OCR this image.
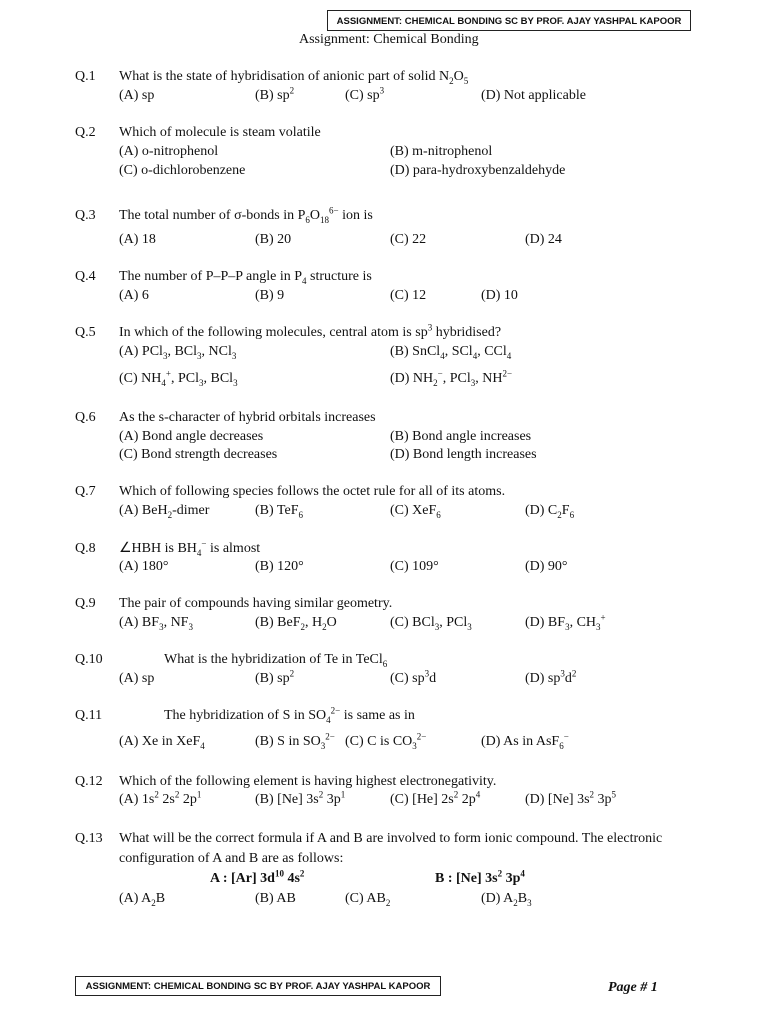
ASSIGNMENT: CHEMICAL BONDING SC BY PROF. AJAY YASHPAL KAPOOR
Assignment: Chemical Bonding
Q.1 What is the state of hybridisation of anionic part of solid $N_2O_5$
(A) sp	(B) $sp^2$	(C) $sp^3$	(D) Not applicable
Q.2 Which of molecule is steam volatile
(A) o-nitrophenol	(B) m-nitrophenol
(C) o-dichlorobenzene	(D) para-hydroxybenzaldehyde
Q.3 The total number of σ-bonds in $P_6O_{18}^{6-}$ ion is
(A) 18	(B) 20	(C) 22	(D) 24
Q.4 The number of P–P–P angle in $P_4$ structure is
(A) 6	(B) 9	(C) 12	(D) 10
Q.5 In which of the following molecules, central atom is $sp^3$ hybridised?
(A) PCl$_3$, BCl$_3$, NCl$_3$	(B) SnCl$_4$, SCl$_4$, CCl$_4$
(C) $NH_4^+$, PCl$_3$, BCl$_3$	(D) $NH_2^-$, PCl$_3$, $NH^{2-}$
Q.6 As the s-character of hybrid orbitals increases
(A) Bond angle decreases	(B) Bond angle increases
(C) Bond strength decreases	(D) Bond length increases
Q.7 Which of following species follows the octet rule for all of its atoms.
(A) BeH$_2$-dimer	(B) TeF$_6$	(C) XeF$_6$	(D) $C_2F_6$
Q.8 ∠HBH is $BH_4^-$ is almost
(A) 180°	(B) 120°	(C) 109°	(D) 90°
Q.9 The pair of compounds having similar geometry.
(A) $BF_3$, $NF_3$	(B) BeF$_2$, $H_2O$	(C) BCl$_3$, PCl$_3$	(D) $BF_3$, $CH_3^+$
Q.10	What is the hybridization of Te in TeCl$_6$
(A) sp	(B) $sp^2$	(C) $sp^3d$	(D) $sp^3d^2$
Q.11	The hybridization of S in $SO_4^{2-}$ is same as in
(A) Xe in XeF$_4$	(B) S in $SO_3^{2-}$ (C) C is $CO_3^{2-}$	(D) As in AsF$_6$−
Q.12 Which of the following element is having highest electronegativity.
(A) $1s^2$ $2s^2$ $2p^1$	(B) [Ne] $3s^2$ $3p^1$	(C) [He] $2s^2$ $2p^4$	(D) [Ne] $3s^2$ $3p^5$
Q.13 What will be the correct formula if A and B are involved to form ionic compound. The electronic
configuration of A and B are as follows:
A : [Ar] $3d^{10}$ $4s^2$	B : [Ne] $3s^2$ $3p^4$
(A) $A_2B$	(B) AB	(C) $AB_2$	(D) $A_2B_3$
ASSIGNMENT: CHEMICAL BONDING SC BY PROF. AJAY YASHPAL KAPOOR	Page # 1
